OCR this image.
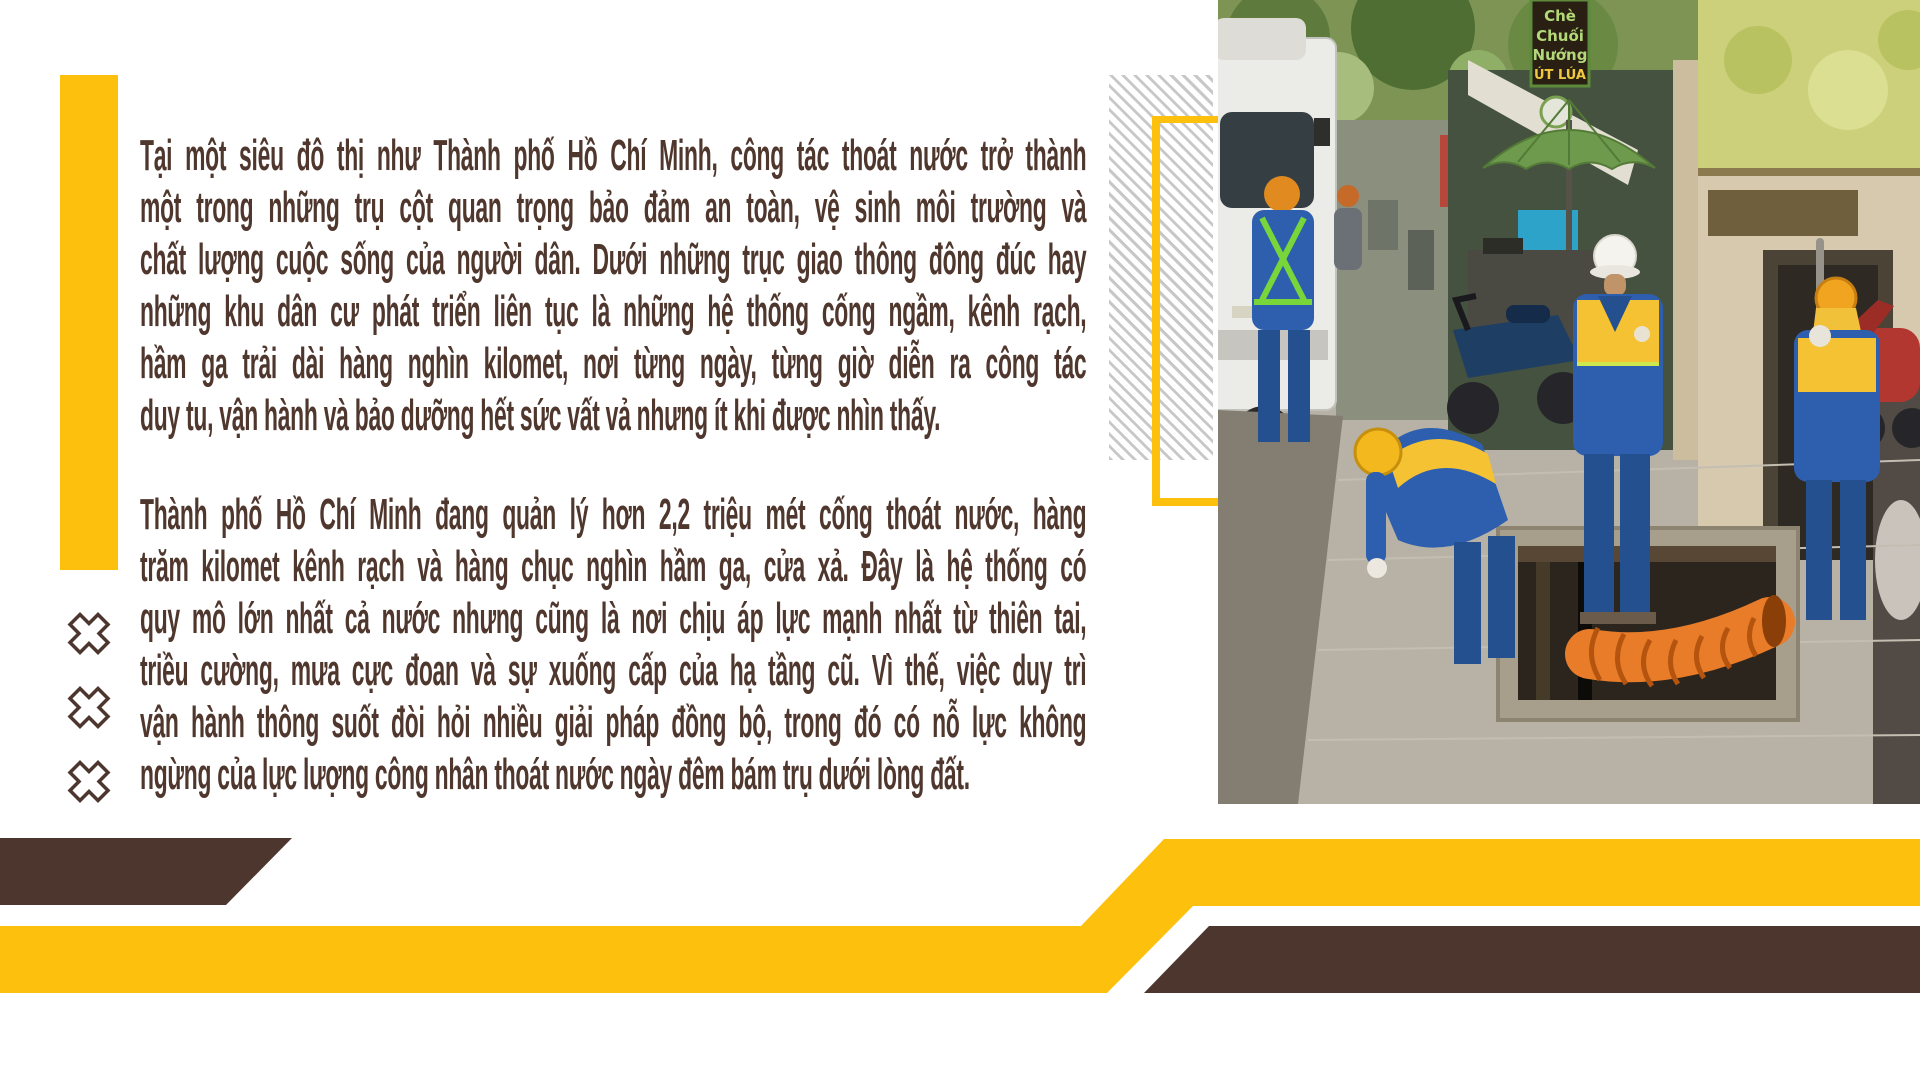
Tại một siêu đô thị như Thành phố Hồ Chí Minh, công tác thoát nước trở thành
một trong những trụ cột quan trọng bảo đảm an toàn, vệ sinh môi trường và
chất lượng cuộc sống của người dân. Dưới những trục giao thông đông đúc hay
những khu dân cư phát triển liên tục là những hệ thống cống ngầm, kênh rạch,
hầm ga trải dài hàng nghìn kilomet, nơi từng ngày, từng giờ diễn ra công tác
duy tu, vận hành và bảo dưỡng hết sức vất vả nhưng ít khi được nhìn thấy.
Thành phố Hồ Chí Minh đang quản lý hơn 2,2 triệu mét cống thoát nước, hàng
trăm kilomet kênh rạch và hàng chục nghìn hầm ga, cửa xả. Đây là hệ thống có
quy mô lớn nhất cả nước nhưng cũng là nơi chịu áp lực mạnh nhất từ thiên tai,
triều cường, mưa cực đoan và sự xuống cấp của hạ tầng cũ. Vì thế, việc duy trì
vận hành thông suốt đòi hỏi nhiều giải pháp đồng bộ, trong đó có nỗ lực không
ngừng của lực lượng công nhân thoát nước ngày đêm bám trụ dưới lòng đất.
Chè
Chuối
Nướng
ÚT LÚA
